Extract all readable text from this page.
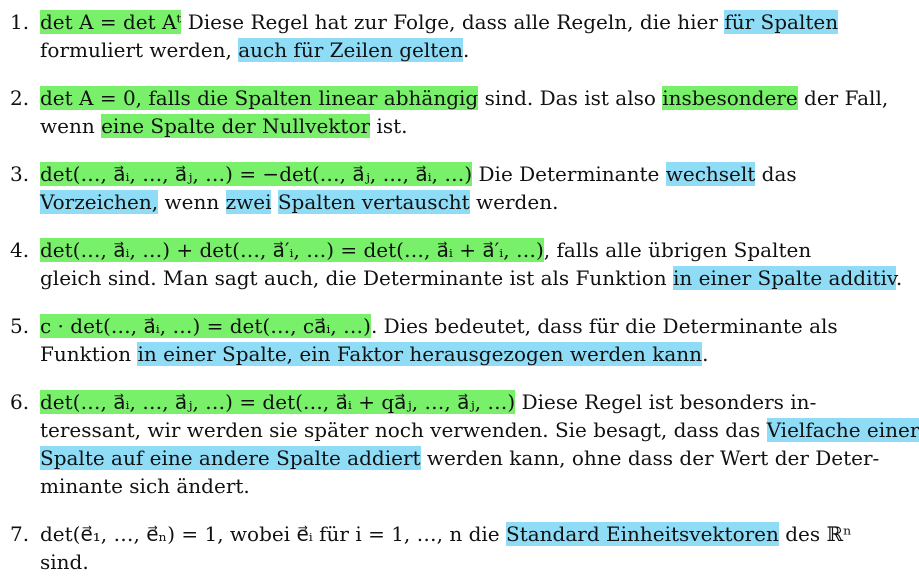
1. det A = det Aᵗ Diese Regel hat zur Folge, dass alle Regeln, die hier für Spalten
formuliert werden, auch für Zeilen gelten.
2. det A = 0, falls die Spalten linear abhängig sind. Das ist also insbesondere der Fall,
wenn eine Spalte der Nullvektor ist.
3. det(…, a⃗ᵢ, …, a⃗ⱼ, …) = −det(…, a⃗ⱼ, …, a⃗ᵢ, …) Die Determinante wechselt das
Vorzeichen, wenn zwei Spalten vertauscht werden.
4. det(…, a⃗ᵢ, …) + det(…, a⃗′ᵢ, …) = det(…, a⃗ᵢ + a⃗′ᵢ, …), falls alle übrigen Spalten
gleich sind. Man sagt auch, die Determinante ist als Funktion in einer Spalte additiv.
5. c · det(…, a⃗ᵢ, …) = det(…, ca⃗ᵢ, …). Dies bedeutet, dass für die Determinante als
Funktion in einer Spalte, ein Faktor herausgezogen werden kann.
6. det(…, a⃗ᵢ, …, a⃗ⱼ, …) = det(…, a⃗ᵢ + qa⃗ⱼ, …, a⃗ⱼ, …) Diese Regel ist besonders in-
teressant, wir werden sie später noch verwenden. Sie besagt, dass das Vielfache einer
Spalte auf eine andere Spalte addiert werden kann, ohne dass der Wert der Deter-
minante sich ändert.
7. det(e⃗₁, …, e⃗ₙ) = 1, wobei e⃗ᵢ für i = 1, …, n die Standard Einheitsvektoren des ℝⁿ
sind.
